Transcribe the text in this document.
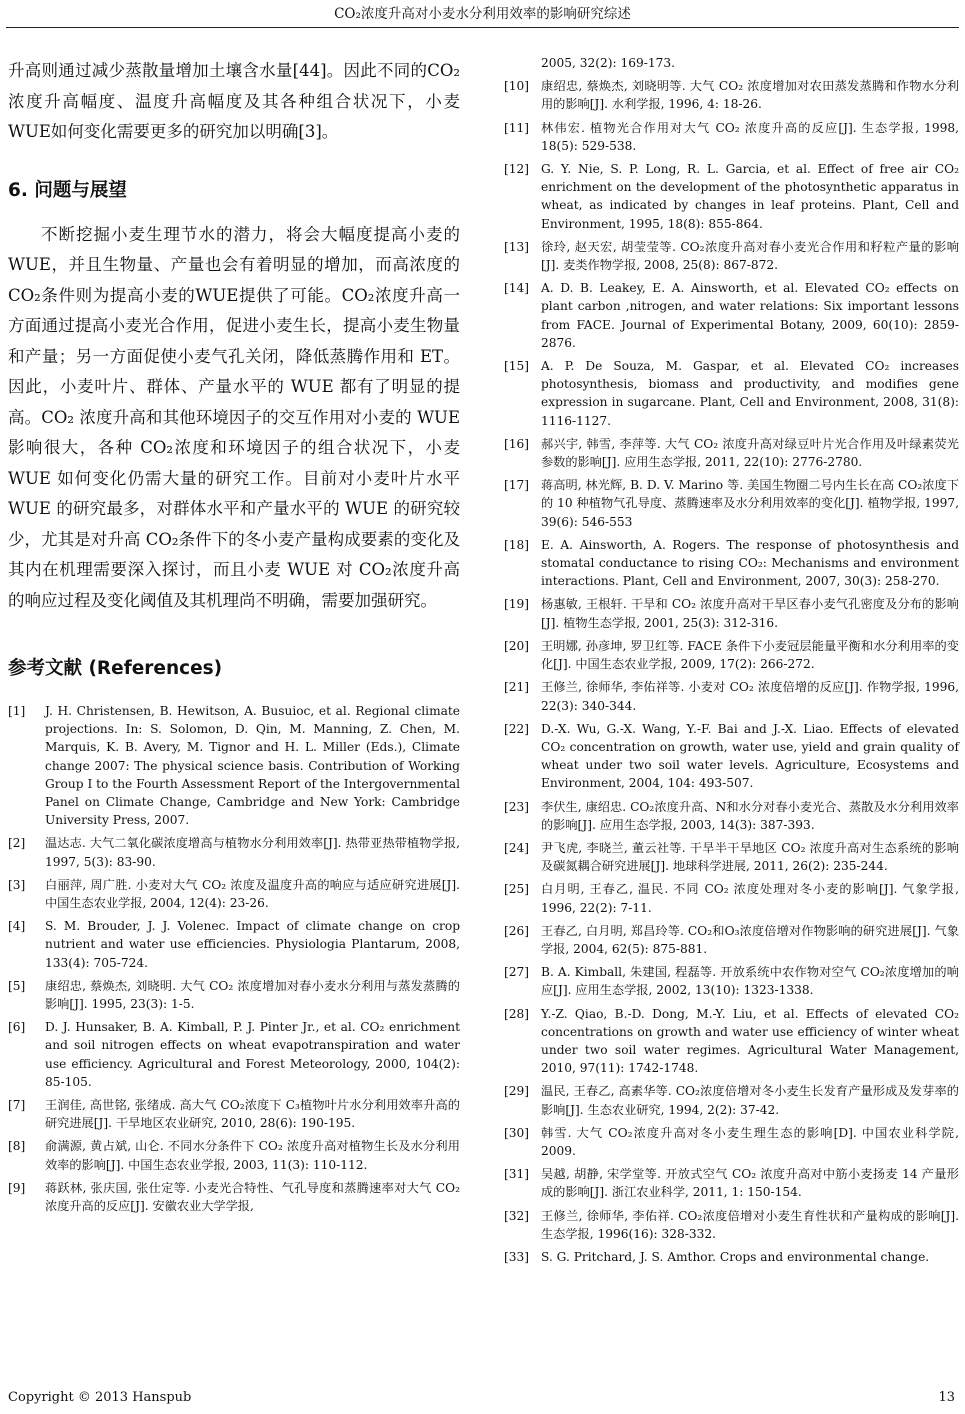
CO₂浓度升高对小麦水分利用效率的影响研究综述

升高则通过减少蒸散量增加土壤含水量[44]。因此不同的CO₂浓度升高幅度、温度升高幅度及其各种组合状况下，小麦WUE如何变化需要更多的研究加以明确[3]。

6. 问题与展望

不断挖掘小麦生理节水的潜力，将会大幅度提高小麦的 WUE，并且生物量、产量也会有着明显的增加，而高浓度的CO₂条件则为提高小麦的WUE提供了可能。CO₂浓度升高一方面通过提高小麦光合作用，促进小麦生长，提高小麦生物量和产量；另一方面促使小麦气孔关闭，降低蒸腾作用和 ET。因此，小麦叶片、群体、产量水平的 WUE 都有了明显的提高。CO₂ 浓度升高和其他环境因子的交互作用对小麦的 WUE 影响很大，各种 CO₂浓度和环境因子的组合状况下，小麦 WUE 如何变化仍需大量的研究工作。目前对小麦叶片水平 WUE 的研究最多，对群体水平和产量水平的 WUE 的研究较少，尤其是对升高 CO₂条件下的冬小麦产量构成要素的变化及其内在机理需要深入探讨，而且小麦 WUE 对 CO₂浓度升高的响应过程及变化阈值及其机理尚不明确，需要加强研究。

参考文献 (References)
[1]	J. H. Christensen, B. Hewitson, A. Busuioc, et al. Regional climate projections. In: S. Solomon, D. Qin, M. Manning, Z. Chen, M. Marquis, K. B. Avery, M. Tignor and H. L. Miller (Eds.), Climate change 2007: The physical science basis. Contribution of Working Group I to the Fourth Assessment Report of the Intergovernmental Panel on Climate Change, Cambridge and New York: Cambridge University Press, 2007.
[2]	温达志. 大气二氧化碳浓度增高与植物水分利用效率[J]. 热带亚热带植物学报, 1997, 5(3): 83-90.
[3]	白丽萍, 周广胜. 小麦对大气 CO₂ 浓度及温度升高的响应与适应研究进展[J]. 中国生态农业学报, 2004, 12(4): 23-26.
[4]	S. M. Brouder, J. J. Volenec. Impact of climate change on crop nutrient and water use efficiencies. Physiologia Plantarum, 2008, 133(4): 705-724.
[5]	康绍忠, 蔡焕杰, 刘晓明. 大气 CO₂ 浓度增加对春小麦水分利用与蒸发蒸腾的影响[J]. 1995, 23(3): 1-5.
[6]	D. J. Hunsaker, B. A. Kimball, P. J. Pinter Jr., et al. CO₂ enrichment and soil nitrogen effects on wheat evapotranspiration and water use efficiency. Agricultural and Forest Meteorology, 2000, 104(2): 85-105.
[7]	王润佳, 高世铭, 张绪成. 高大气 CO₂浓度下 C₃植物叶片水分利用效率升高的研究进展[J]. 干旱地区农业研究, 2010, 28(6): 190-195.
[8]	俞满源, 黄占斌, 山仑. 不同水分条件下 CO₂ 浓度升高对植物生长及水分利用效率的影响[J]. 中国生态农业学报, 2003, 11(3): 110-112.
[9]	蒋跃林, 张庆国, 张仕定等. 小麦光合特性、气孔导度和蒸腾速率对大气 CO₂ 浓度升高的反应[J]. 安徽农业大学学报,
2005, 32(2): 169-173.
[10] 康绍忠, 蔡焕杰, 刘晓明等. 大气 CO₂ 浓度增加对农田蒸发蒸腾和作物水分利用的影响[J]. 水利学报, 1996, 4: 18-26.
[11] 林伟宏. 植物光合作用对大气 CO₂ 浓度升高的反应[J]. 生态学报, 1998, 18(5): 529-538.
[12] G. Y. Nie, S. P. Long, R. L. Garcia, et al. Effect of free air CO₂ enrichment on the development of the photosynthetic apparatus in wheat, as indicated by changes in leaf proteins. Plant, Cell and Environment, 1995, 18(8): 855-864.
[13] 徐玲, 赵天宏, 胡莹莹等. CO₂浓度升高对春小麦光合作用和籽粒产量的影响[J]. 麦类作物学报, 2008, 25(8): 867-872.
[14] A. D. B. Leakey, E. A. Ainsworth, et al. Elevated CO₂ effects on plant carbon ,nitrogen, and water relations: Six important lessons from FACE. Journal of Experimental Botany, 2009, 60(10): 2859-2876.
[15] A. P. De Souza, M. Gaspar, et al. Elevated CO₂ increases photosynthesis, biomass and productivity, and modifies gene expression in sugarcane. Plant, Cell and Environment, 2008, 31(8): 1116-1127.
[16] 郝兴宇, 韩雪, 李萍等. 大气 CO₂ 浓度升高对绿豆叶片光合作用及叶绿素荧光参数的影响[J]. 应用生态学报, 2011, 22(10): 2776-2780.
[17] 蒋高明, 林光辉, B. D. V. Marino 等. 美国生物圈二号内生长在高 CO₂浓度下的 10 种植物气孔导度、蒸腾速率及水分利用效率的变化[J]. 植物学报, 1997, 39(6): 546-553
[18] E. A. Ainsworth, A. Rogers. The response of photosynthesis and stomatal conductance to rising CO₂: Mechanisms and environment interactions. Plant, Cell and Environment, 2007, 30(3): 258-270.
[19] 杨惠敏, 王根轩. 干旱和 CO₂ 浓度升高对干旱区春小麦气孔密度及分布的影响[J]. 植物生态学报, 2001, 25(3): 312-316.
[20] 王明娜, 孙彦坤, 罗卫红等. FACE 条件下小麦冠层能量平衡和水分利用率的变化[J]. 中国生态农业学报, 2009, 17(2): 266-272.
[21] 王修兰, 徐师华, 李佑祥等. 小麦对 CO₂ 浓度倍增的反应[J]. 作物学报, 1996, 22(3): 340-344.
[22] D.-X. Wu, G.-X. Wang, Y.-F. Bai and J.-X. Liao. Effects of elevated CO₂ concentration on growth, water use, yield and grain quality of wheat under two soil water levels. Agriculture, Ecosystems and Environment, 2004, 104: 493-507.
[23] 李伏生, 康绍忠. CO₂浓度升高、N和水分对春小麦光合、蒸散及水分利用效率的影响[J]. 应用生态学报, 2003, 14(3): 387-393.
[24] 尹飞虎, 李晓兰, 董云社等. 干旱半干旱地区 CO₂ 浓度升高对生态系统的影响及碳氮耦合研究进展[J]. 地球科学进展, 2011, 26(2): 235-244.
[25] 白月明, 王春乙, 温民. 不同 CO₂ 浓度处理对冬小麦的影响[J]. 气象学报, 1996, 22(2): 7-11.
[26] 王春乙, 白月明, 郑昌玲等. CO₂和O₃浓度倍增对作物影响的研究进展[J]. 气象学报, 2004, 62(5): 875-881.
[27] B. A. Kimball, 朱建国, 程磊等. 开放系统中农作物对空气 CO₂浓度增加的响应[J]. 应用生态学报, 2002, 13(10): 1323-1338.
[28] Y.-Z. Qiao, B.-D. Dong, M.-Y. Liu, et al. Effects of elevated CO₂ concentrations on growth and water use efficiency of winter wheat under two soil water regimes. Agricultural Water Management, 2010, 97(11): 1742-1748.
[29] 温民, 王春乙, 高素华等. CO₂浓度倍增对冬小麦生长发育产量形成及发芽率的影响[J]. 生态农业研究, 1994, 2(2): 37-42.
[30] 韩雪. 大气 CO₂浓度升高对冬小麦生理生态的影响[D]. 中国农业科学院, 2009.
[31] 吴越, 胡静, 宋学堂等. 开放式空气 CO₂ 浓度升高对中筋小麦扬麦 14 产量形成的影响[J]. 浙江农业科学, 2011, 1: 150-154.
[32] 王修兰, 徐师华, 李佑祥. CO₂浓度倍增对小麦生育性状和产量构成的影响[J]. 生态学报, 1996(16): 328-332.
[33] S. G. Pritchard, J. S. Amthor. Crops and environmental change.
Copyright © 2013 Hanspub	13
